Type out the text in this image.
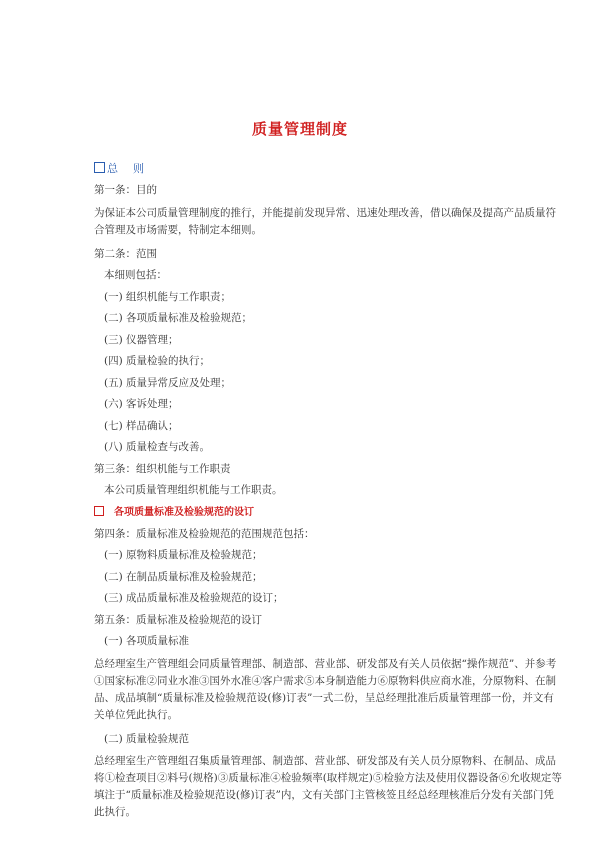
质量管理制度
总　则
第一条：目的
为保证本公司质量管理制度的推行，并能提前发现异常、迅速处理改善，借以确保及提高产品质量符合管理及市场需要，特制定本细则。
第二条：范围
本细则包括：
(一) 组织机能与工作职责；
(二) 各项质量标准及检验规范；
(三) 仪器管理；
(四) 质量检验的执行；
(五) 质量异常反应及处理；
(六) 客诉处理；
(七) 样品确认；
(八) 质量检查与改善。
第三条：组织机能与工作职责
本公司质量管理组织机能与工作职责。
各项质量标准及检验规范的设订
第四条：质量标准及检验规范的范围规范包括：
(一) 原物料质量标准及检验规范；
(二) 在制品质量标准及检验规范；
(三) 成品质量标准及检验规范的设订；
第五条：质量标准及检验规范的设订
(一) 各项质量标准
总经理室生产管理组会同质量管理部、制造部、营业部、研发部及有关人员依据“操作规范”、并参考①国家标准②同业水准③国外水准④客户需求⑤本身制造能力⑥原物料供应商水准，分原物料、在制品、成品填制“质量标准及检验规范设(修)订表”一式二份，呈总经理批准后质量管理部一份，并文有关单位凭此执行。
(二) 质量检验规范
总经理室生产管理组召集质量管理部、制造部、营业部、研发部及有关人员分原物料、在制品、成品将①检查项目②料号(规格)③质量标准④检验频率(取样规定)⑤检验方法及使用仪器设备⑥允收规定等填注于“质量标准及检验规范设(修)订表”内，文有关部门主管核签且经总经理核准后分发有关部门凭此执行。
